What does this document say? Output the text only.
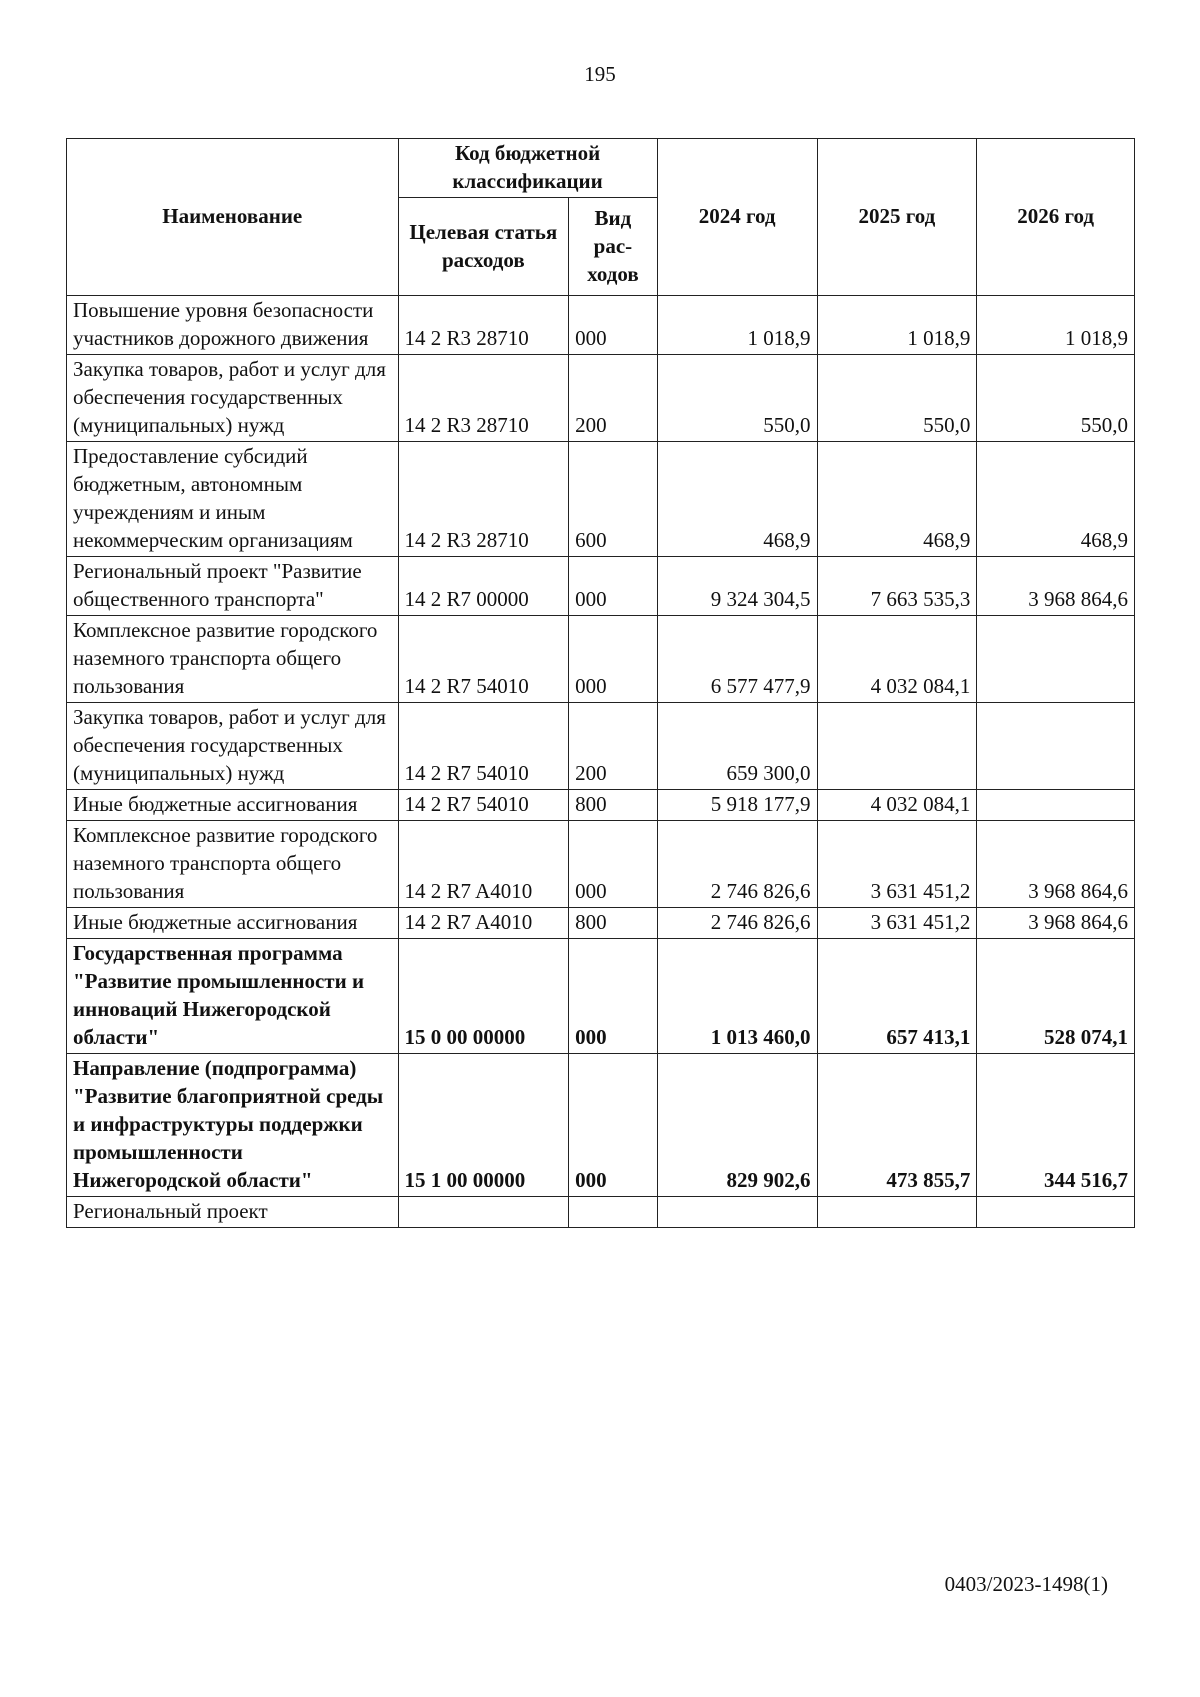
195
Наименование	Код бюджетной классификации		2024 год	2025 год	2026 год
	Целевая статья расходов	Вид рас-ходов			
Повышение уровня безопасности участников дорожного движения	14 2 R3 28710	000	1 018,9	1 018,9	1 018,9
Закупка товаров, работ и услуг для обеспечения государственных (муниципальных) нужд	14 2 R3 28710	200	550,0	550,0	550,0
Предоставление субсидий бюджетным, автономным учреждениям и иным некоммерческим организациям	14 2 R3 28710	600	468,9	468,9	468,9
Региональный проект "Развитие общественного транспорта"	14 2 R7 00000	000	9 324 304,5	7 663 535,3	3 968 864,6
Комплексное развитие городского наземного транспорта общего пользования	14 2 R7 54010	000	6 577 477,9	4 032 084,1	
Закупка товаров, работ и услуг для обеспечения государственных (муниципальных) нужд	14 2 R7 54010	200	659 300,0		
Иные бюджетные ассигнования	14 2 R7 54010	800	5 918 177,9	4 032 084,1	
Комплексное развитие городского наземного транспорта общего пользования	14 2 R7 A4010	000	2 746 826,6	3 631 451,2	3 968 864,6
Иные бюджетные ассигнования	14 2 R7 A4010	800	2 746 826,6	3 631 451,2	3 968 864,6
Государственная программа "Развитие промышленности и инноваций Нижегородской области"	15 0 00 00000	000	1 013 460,0	657 413,1	528 074,1
Направление (подпрограмма) "Развитие благоприятной среды и инфраструктуры поддержки промышленности Нижегородской области"	15 1 00 00000	000	829 902,6	473 855,7	344 516,7
Региональный проект					
0403/2023-1498(1)
